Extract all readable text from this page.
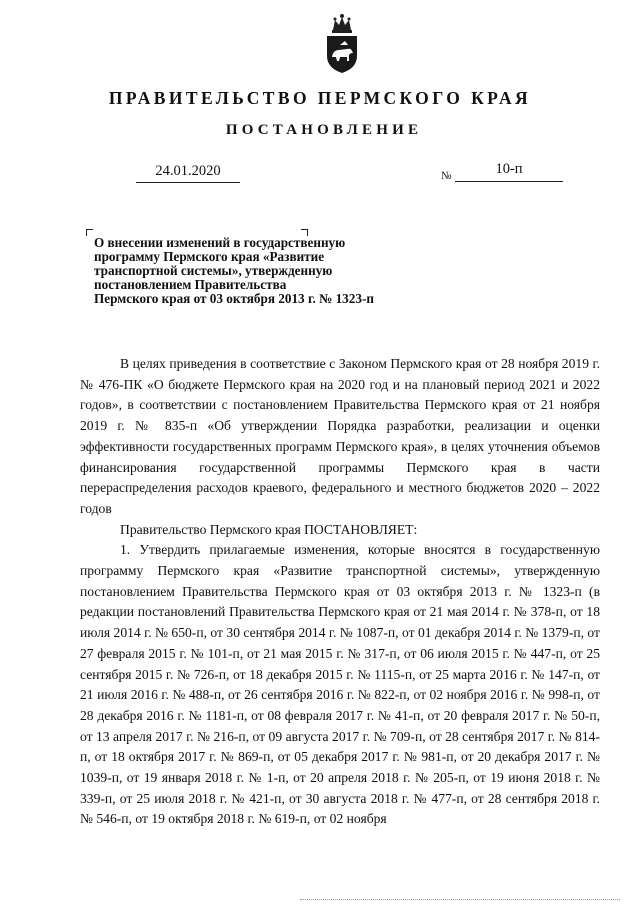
ПРАВИТЕЛЬСТВО ПЕРМСКОГО КРАЯ
ПОСТАНОВЛЕНИЕ
24.01.2020	№	10-п
О внесении изменений в государственную
программу Пермского края «Развитие
транспортной системы», утвержденную
постановлением Правительства
Пермского края от 03 октября 2013 г. № 1323-п

В целях приведения в соответствие с Законом Пермского края от 28 ноября 2019 г. № 476-ПК «О бюджете Пермского края на 2020 год и на плановый период 2021 и 2022 годов», в соответствии с постановлением Правительства Пермского края от 21 ноября 2019 г. № 835-п «Об утверждении Порядка разработки, реализации и оценки эффективности государственных программ Пермского края», в целях уточнения объемов финансирования государственной программы Пермского края в части перераспределения расходов краевого, федерального и местного бюджетов 2020 – 2022 годов

Правительство Пермского края ПОСТАНОВЛЯЕТ:

1. Утвердить прилагаемые изменения, которые вносятся в государственную программу Пермского края «Развитие транспортной системы», утвержденную постановлением Правительства Пермского края от 03 октября 2013 г. № 1323-п (в редакции постановлений Правительства Пермского края от 21 мая 2014 г. № 378-п, от 18 июля 2014 г. № 650-п, от 30 сентября 2014 г. № 1087-п, от 01 декабря 2014 г. № 1379-п, от 27 февраля 2015 г. № 101-п, от 21 мая 2015 г. № 317-п, от 06 июля 2015 г. № 447-п, от 25 сентября 2015 г. № 726-п, от 18 декабря 2015 г. № 1115-п, от 25 марта 2016 г. № 147-п, от 21 июля 2016 г. № 488-п, от 26 сентября 2016 г. № 822-п, от 02 ноября 2016 г. № 998-п, от 28 декабря 2016 г. № 1181-п, от 08 февраля 2017 г. № 41-п, от 20 февраля 2017 г. № 50-п, от 13 апреля 2017 г. № 216-п, от 09 августа 2017 г. № 709-п, от 28 сентября 2017 г. № 814-п, от 18 октября 2017 г. № 869-п, от 05 декабря 2017 г. № 981-п, от 20 декабря 2017 г. № 1039-п, от 19 января 2018 г. № 1-п, от 20 апреля 2018 г. № 205-п, от 19 июня 2018 г. № 339-п, от 25 июля 2018 г. № 421-п, от 30 августа 2018 г. № 477-п, от 28 сентября 2018 г. № 546-п, от 19 октября 2018 г. № 619-п, от 02 ноября
